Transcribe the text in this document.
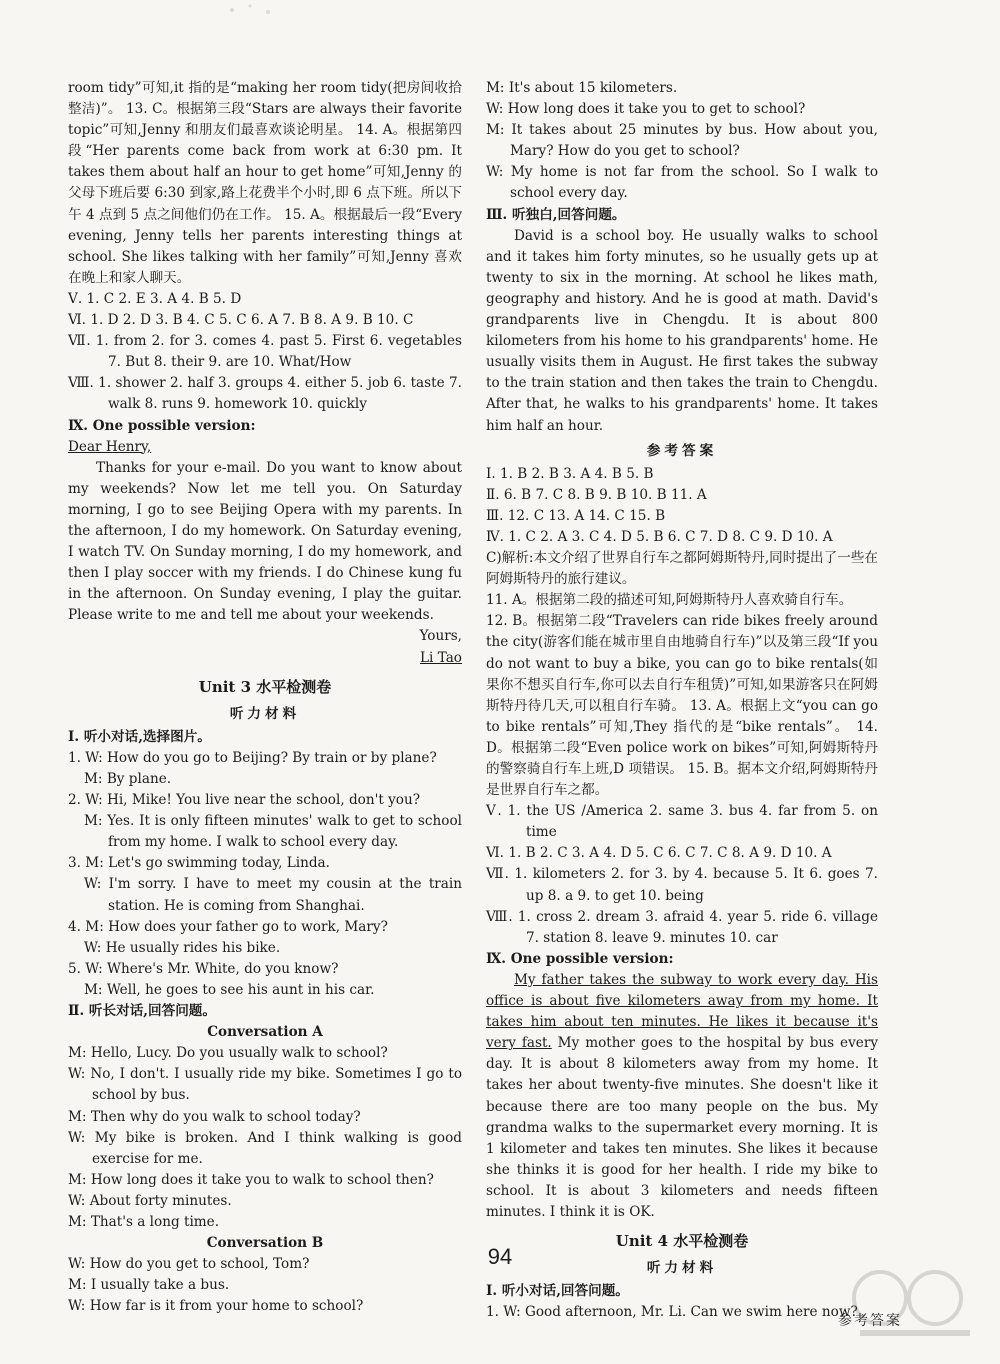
room tidy”可知,it 指的是“making her room tidy(把房间收拾整洁)”。 13. C。根据第三段“Stars are always their favorite topic”可知,Jenny 和朋友们最喜欢谈论明星。 14. A。根据第四段“Her parents come back from work at 6:30 pm. It takes them about half an hour to get home”可知,Jenny 的父母下班后要 6:30 到家,路上花费半个小时,即 6 点下班。所以下午 4 点到 5 点之间他们仍在工作。 15. A。根据最后一段“Every evening, Jenny tells her parents interesting things at school. She likes talking with her family”可知,Jenny 喜欢在晚上和家人聊天。

Ⅴ. 1. C 2. E 3. A 4. B 5. D

Ⅵ. 1. D 2. D 3. B 4. C 5. C 6. A 7. B 8. A 9. B 10. C

Ⅶ. 1. from 2. for 3. comes 4. past 5. First 6. vegetables 7. But 8. their 9. are 10. What/How

Ⅷ. 1. shower 2. half 3. groups 4. either 5. job 6. taste 7. walk 8. runs 9. homework 10. quickly

Ⅸ. One possible version:

Dear Henry,

Thanks for your e-mail. Do you want to know about my weekends? Now let me tell you. On Saturday morning, I go to see Beijing Opera with my parents. In the afternoon, I do my homework. On Saturday evening, I watch TV. On Sunday morning, I do my homework, and then I play soccer with my friends. I do Chinese kung fu in the afternoon. On Sunday evening, I play the guitar. Please write to me and tell me about your weekends.

Yours,

Li Tao

Unit 3 水平检测卷

听力材料

Ⅰ. 听小对话,选择图片。

1. W: How do you go to Beijing? By train or by plane?

M: By plane.

2. W: Hi, Mike! You live near the school, don't you?

M: Yes. It is only fifteen minutes' walk to get to school from my home. I walk to school every day.

3. M: Let's go swimming today, Linda.

W: I'm sorry. I have to meet my cousin at the train station. He is coming from Shanghai.

4. M: How does your father go to work, Mary?

W: He usually rides his bike.

5. W: Where's Mr. White, do you know?

M: Well, he goes to see his aunt in his car.

Ⅱ. 听长对话,回答问题。

Conversation A

M: Hello, Lucy. Do you usually walk to school?

W: No, I don't. I usually ride my bike. Sometimes I go to school by bus.

M: Then why do you walk to school today?

W: My bike is broken. And I think walking is good exercise for me.

M: How long does it take you to walk to school then?

W: About forty minutes.

M: That's a long time.

Conversation B

W: How do you get to school, Tom?

M: I usually take a bus.

W: How far is it from your home to school?

M: It's about 15 kilometers.

W: How long does it take you to get to school?

M: It takes about 25 minutes by bus. How about you, Mary? How do you get to school?

W: My home is not far from the school. So I walk to school every day.

Ⅲ. 听独白,回答问题。

David is a school boy. He usually walks to school and it takes him forty minutes, so he usually gets up at twenty to six in the morning. At school he likes math, geography and history. And he is good at math. David's grandparents live in Chengdu. It is about 800 kilometers from his home to his grandparents' home. He usually visits them in August. He first takes the subway to the train station and then takes the train to Chengdu. After that, he walks to his grandparents' home. It takes him half an hour.

参考答案

Ⅰ. 1. B 2. B 3. A 4. B 5. B

Ⅱ. 6. B 7. C 8. B 9. B 10. B 11. A

Ⅲ. 12. C 13. A 14. C 15. B

Ⅳ. 1. C 2. A 3. C 4. D 5. B 6. C 7. D 8. C 9. D 10. A

C)解析:本文介绍了世界自行车之都阿姆斯特丹,同时提出了一些在阿姆斯特丹的旅行建议。

11. A。根据第二段的描述可知,阿姆斯特丹人喜欢骑自行车。

12. B。根据第二段“Travelers can ride bikes freely around the city(游客们能在城市里自由地骑自行车)”以及第三段“If you do not want to buy a bike, you can go to bike rentals(如果你不想买自行车,你可以去自行车租赁)”可知,如果游客只在阿姆斯特丹待几天,可以租自行车骑。 13. A。根据上文“you can go to bike rentals”可知,They 指代的是“bike rentals”。 14. D。根据第二段“Even police work on bikes”可知,阿姆斯特丹的警察骑自行车上班,D 项错误。 15. B。据本文介绍,阿姆斯特丹是世界自行车之都。

Ⅴ. 1. the US /America 2. same 3. bus 4. far from 5. on time

Ⅵ. 1. B 2. C 3. A 4. D 5. C 6. C 7. C 8. A 9. D 10. A

Ⅶ. 1. kilometers 2. for 3. by 4. because 5. It 6. goes 7. up 8. a 9. to get 10. being

Ⅷ. 1. cross 2. dream 3. afraid 4. year 5. ride 6. village 7. station 8. leave 9. minutes 10. car

Ⅸ. One possible version:

My father takes the subway to work every day. His office is about five kilometers away from my home. It takes him about ten minutes. He likes it because it's very fast. My mother goes to the hospital by bus every day. It is about 8 kilometers away from my home. It takes her about twenty-five minutes. She doesn't like it because there are too many people on the bus. My grandma walks to the supermarket every morning. It is 1 kilometer and takes ten minutes. She likes it because she thinks it is good for her health. I ride my bike to school. It is about 3 kilometers and needs fifteen minutes. I think it is OK.

Unit 4 水平检测卷

听力材料

Ⅰ. 听小对话,回答问题。

1. W: Good afternoon, Mr. Li. Can we swim here now?

94
参考答案
